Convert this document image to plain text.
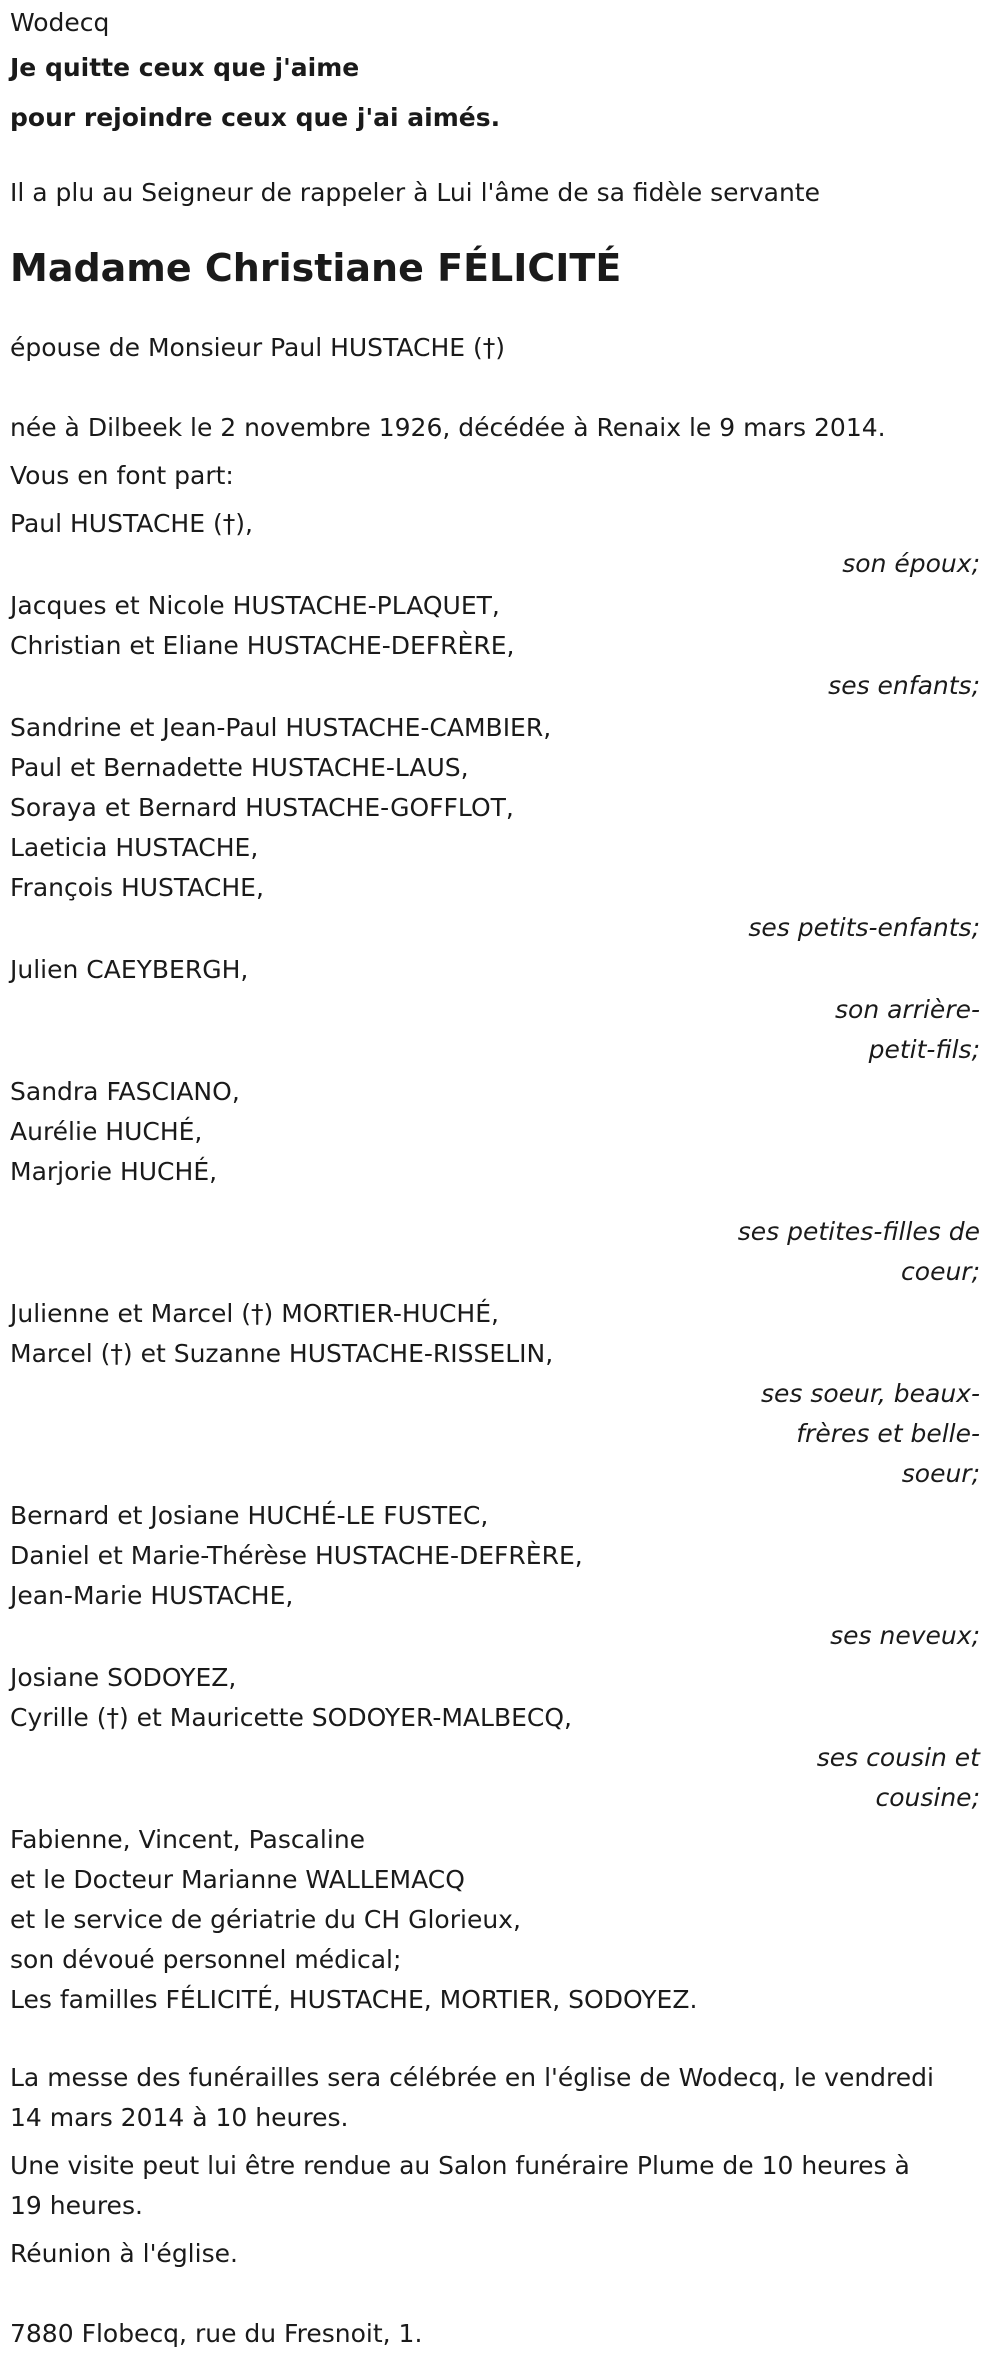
Wodecq
Je quitte ceux que j'aime
pour rejoindre ceux que j'ai aimés.
Il a plu au Seigneur de rappeler à Lui l'âme de sa fidèle servante
Madame Christiane FÉLICITÉ
épouse de Monsieur Paul HUSTACHE (†)
née à Dilbeek le 2 novembre 1926, décédée à Renaix le 9 mars 2014.
Vous en font part:
Paul HUSTACHE (†),
son époux;
Jacques et Nicole HUSTACHE-PLAQUET,
Christian et Eliane HUSTACHE-DEFRÈRE,
ses enfants;
Sandrine et Jean-Paul HUSTACHE-CAMBIER,
Paul et Bernadette HUSTACHE-LAUS,
Soraya et Bernard HUSTACHE-GOFFLOT,
Laeticia HUSTACHE,
François HUSTACHE,
ses petits-enfants;
Julien CAEYBERGH,
son arrière-
petit-fils;
Sandra FASCIANO,
Aurélie HUCHÉ,
Marjorie HUCHÉ,
ses petites-filles de
coeur;
Julienne et Marcel (†) MORTIER-HUCHÉ,
Marcel (†) et Suzanne HUSTACHE-RISSELIN,
ses soeur, beaux-
frères et belle-
soeur;
Bernard et Josiane HUCHÉ-LE FUSTEC,
Daniel et Marie-Thérèse HUSTACHE-DEFRÈRE,
Jean-Marie HUSTACHE,
ses neveux;
Josiane SODOYEZ,
Cyrille (†) et Mauricette SODOYER-MALBECQ,
ses cousin et
cousine;
Fabienne, Vincent, Pascaline
et le Docteur Marianne WALLEMACQ
et le service de gériatrie du CH Glorieux,
son dévoué personnel médical;
Les familles FÉLICITÉ, HUSTACHE, MORTIER, SODOYEZ.
La messe des funérailles sera célébrée en l'église de Wodecq, le vendredi
14 mars 2014 à 10 heures.
Une visite peut lui être rendue au Salon funéraire Plume de 10 heures à
19 heures.
Réunion à l'église.
7880 Flobecq, rue du Fresnoit, 1.
